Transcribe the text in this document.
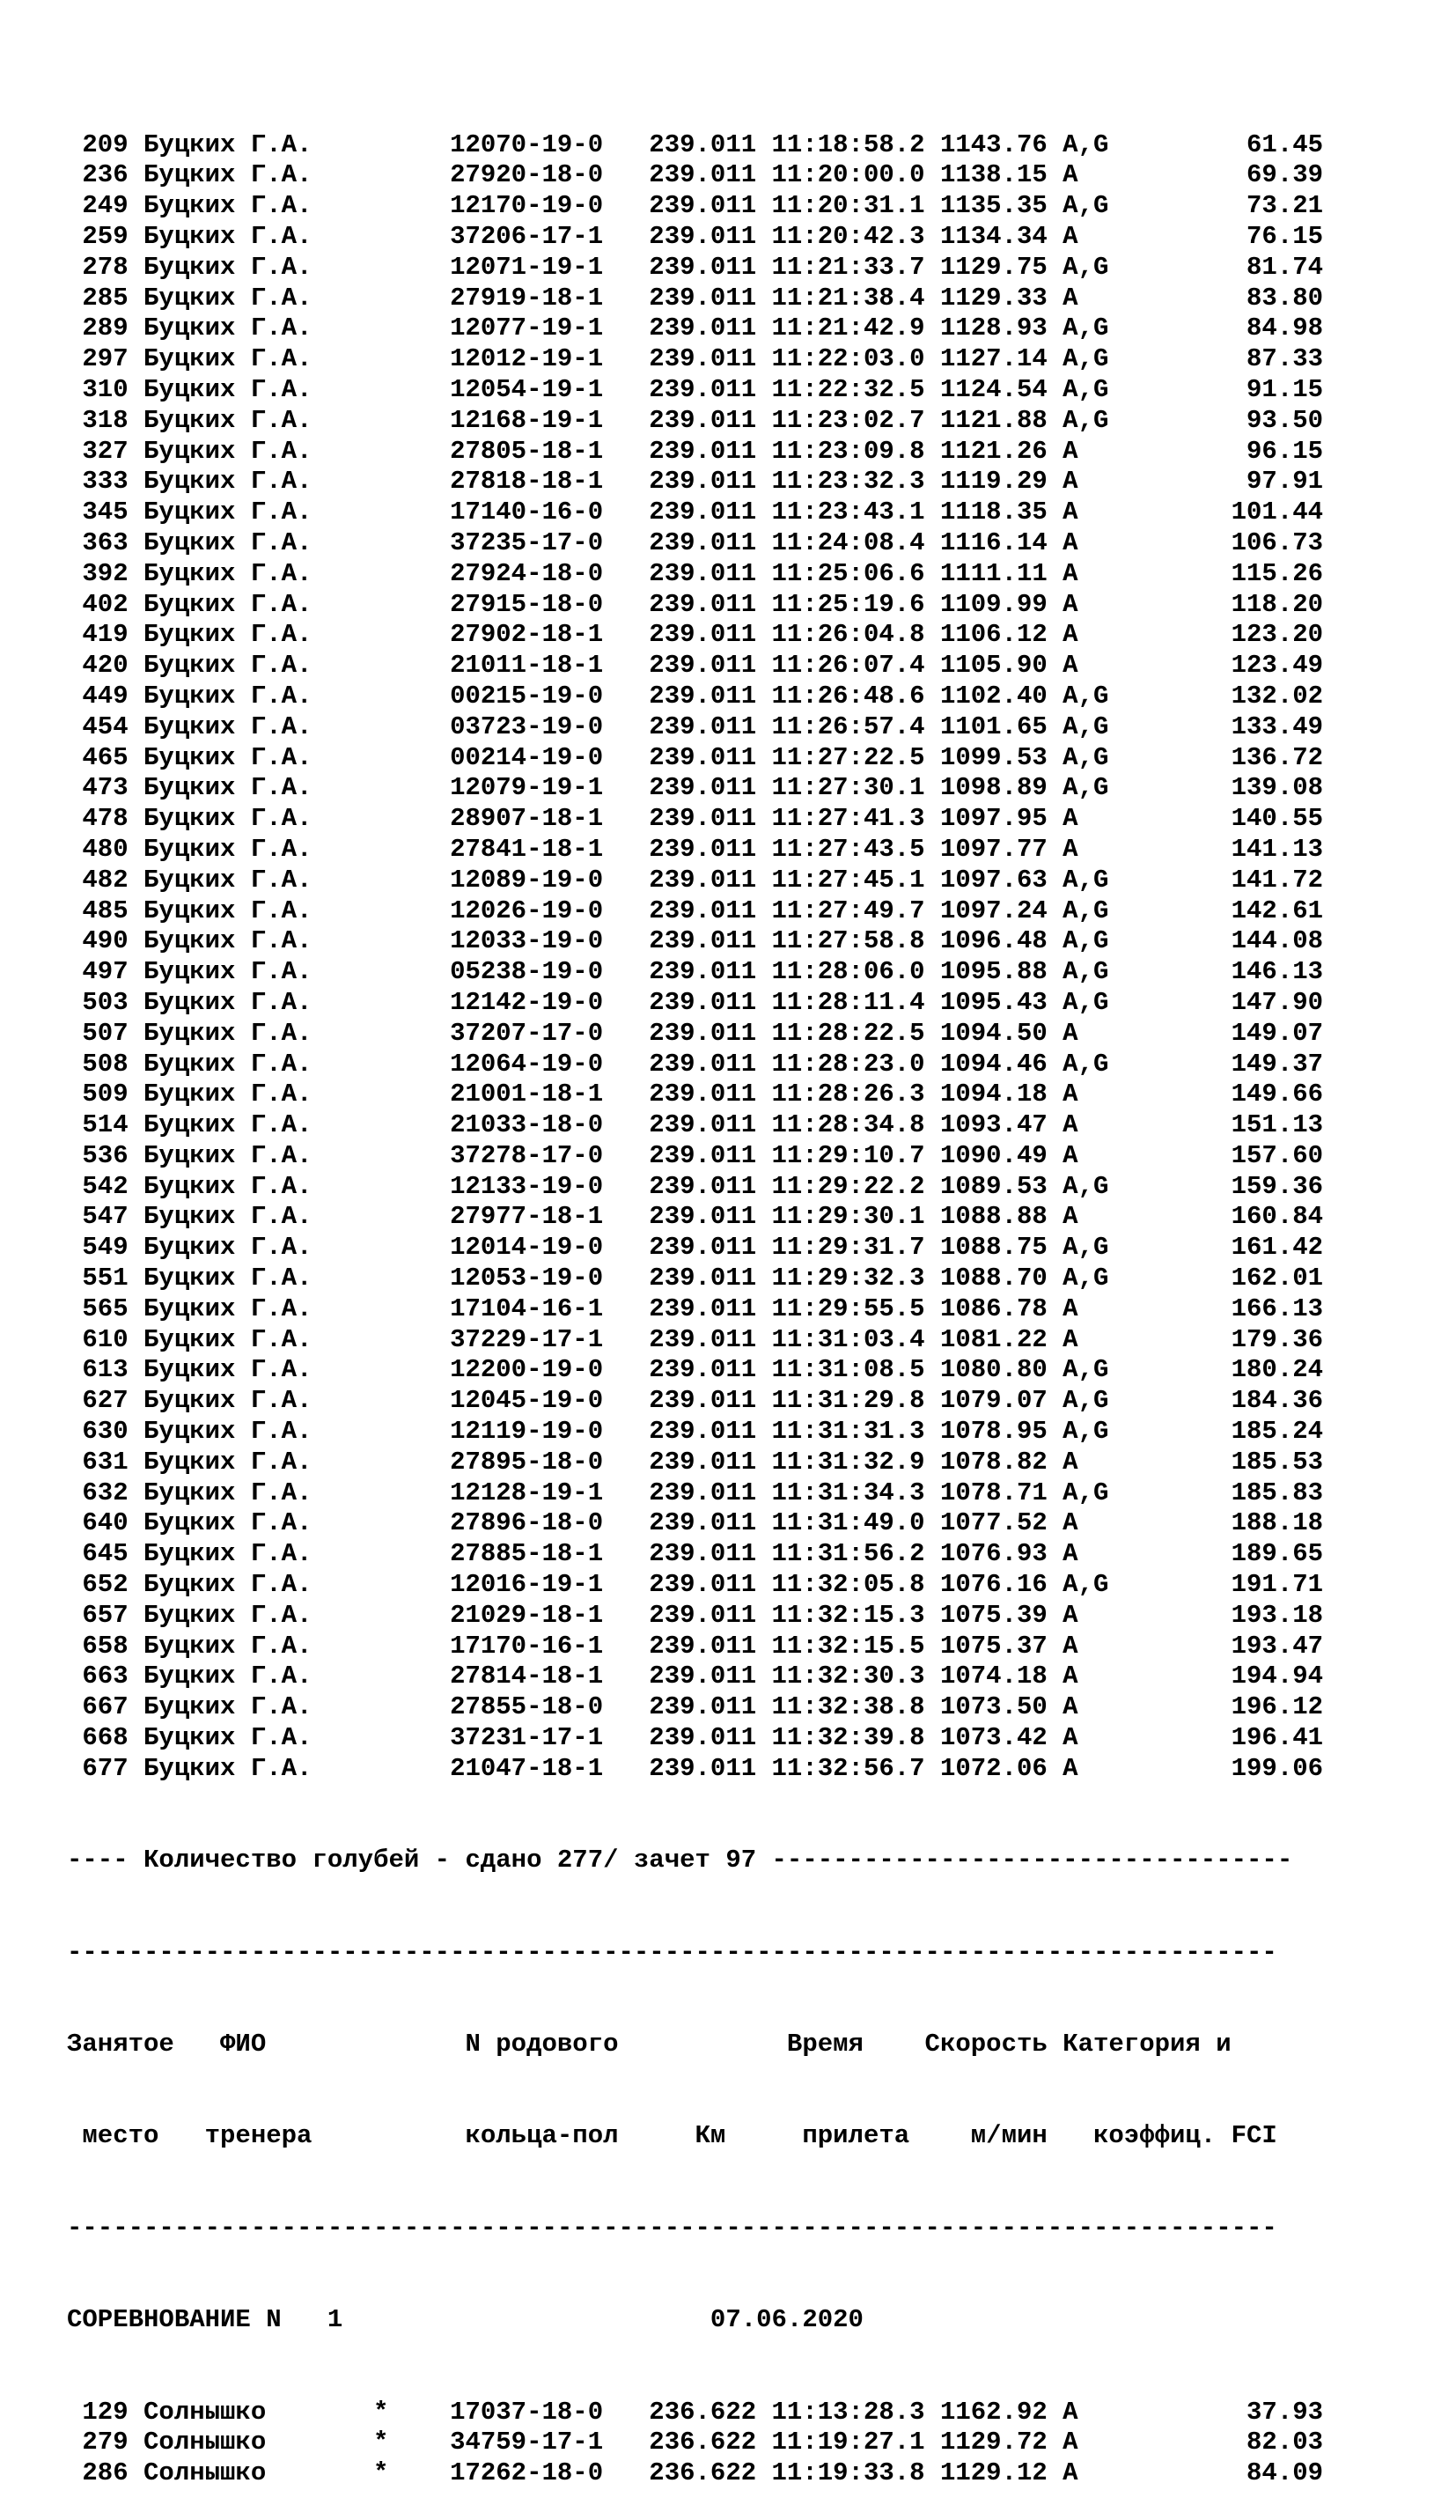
209 Буцких Г.А.         12070-19-0   239.011 11:18:58.2 1143.76 A,G         61.45
236 Буцких Г.А.         27920-18-0   239.011 11:20:00.0 1138.15 A           69.39
249 Буцких Г.А.         12170-19-0   239.011 11:20:31.1 1135.35 A,G         73.21
259 Буцких Г.А.         37206-17-1   239.011 11:20:42.3 1134.34 A           76.15
278 Буцких Г.А.         12071-19-1   239.011 11:21:33.7 1129.75 A,G         81.74
285 Буцких Г.А.         27919-18-1   239.011 11:21:38.4 1129.33 A           83.80
289 Буцких Г.А.         12077-19-1   239.011 11:21:42.9 1128.93 A,G         84.98
297 Буцких Г.А.         12012-19-1   239.011 11:22:03.0 1127.14 A,G         87.33
310 Буцких Г.А.         12054-19-1   239.011 11:22:32.5 1124.54 A,G         91.15
318 Буцких Г.А.         12168-19-1   239.011 11:23:02.7 1121.88 A,G         93.50
327 Буцких Г.А.         27805-18-1   239.011 11:23:09.8 1121.26 A           96.15
333 Буцких Г.А.         27818-18-1   239.011 11:23:32.3 1119.29 A           97.91
345 Буцких Г.А.         17140-16-0   239.011 11:23:43.1 1118.35 A          101.44
363 Буцких Г.А.         37235-17-0   239.011 11:24:08.4 1116.14 A          106.73
392 Буцких Г.А.         27924-18-0   239.011 11:25:06.6 1111.11 A          115.26
402 Буцких Г.А.         27915-18-0   239.011 11:25:19.6 1109.99 A          118.20
419 Буцких Г.А.         27902-18-1   239.011 11:26:04.8 1106.12 A          123.20
420 Буцких Г.А.         21011-18-1   239.011 11:26:07.4 1105.90 A          123.49
449 Буцких Г.А.         00215-19-0   239.011 11:26:48.6 1102.40 A,G        132.02
454 Буцких Г.А.         03723-19-0   239.011 11:26:57.4 1101.65 A,G        133.49
465 Буцких Г.А.         00214-19-0   239.011 11:27:22.5 1099.53 A,G        136.72
473 Буцких Г.А.         12079-19-1   239.011 11:27:30.1 1098.89 A,G        139.08
478 Буцких Г.А.         28907-18-1   239.011 11:27:41.3 1097.95 A          140.55
480 Буцких Г.А.         27841-18-1   239.011 11:27:43.5 1097.77 A          141.13
482 Буцких Г.А.         12089-19-0   239.011 11:27:45.1 1097.63 A,G        141.72
485 Буцких Г.А.         12026-19-0   239.011 11:27:49.7 1097.24 A,G        142.61
490 Буцких Г.А.         12033-19-0   239.011 11:27:58.8 1096.48 A,G        144.08
497 Буцких Г.А.         05238-19-0   239.011 11:28:06.0 1095.88 A,G        146.13
503 Буцких Г.А.         12142-19-0   239.011 11:28:11.4 1095.43 A,G        147.90
507 Буцких Г.А.         37207-17-0   239.011 11:28:22.5 1094.50 A          149.07
508 Буцких Г.А.         12064-19-0   239.011 11:28:23.0 1094.46 A,G        149.37
509 Буцких Г.А.         21001-18-1   239.011 11:28:26.3 1094.18 A          149.66
514 Буцких Г.А.         21033-18-0   239.011 11:28:34.8 1093.47 A          151.13
536 Буцких Г.А.         37278-17-0   239.011 11:29:10.7 1090.49 A          157.60
542 Буцких Г.А.         12133-19-0   239.011 11:29:22.2 1089.53 A,G        159.36
547 Буцких Г.А.         27977-18-1   239.011 11:29:30.1 1088.88 A          160.84
549 Буцких Г.А.         12014-19-0   239.011 11:29:31.7 1088.75 A,G        161.42
551 Буцких Г.А.         12053-19-0   239.011 11:29:32.3 1088.70 A,G        162.01
565 Буцких Г.А.         17104-16-1   239.011 11:29:55.5 1086.78 A          166.13
610 Буцких Г.А.         37229-17-1   239.011 11:31:03.4 1081.22 A          179.36
613 Буцких Г.А.         12200-19-0   239.011 11:31:08.5 1080.80 A,G        180.24
627 Буцких Г.А.         12045-19-0   239.011 11:31:29.8 1079.07 A,G        184.36
630 Буцких Г.А.         12119-19-0   239.011 11:31:31.3 1078.95 A,G        185.24
631 Буцких Г.А.         27895-18-0   239.011 11:31:32.9 1078.82 A          185.53
632 Буцких Г.А.         12128-19-1   239.011 11:31:34.3 1078.71 A,G        185.83
640 Буцких Г.А.         27896-18-0   239.011 11:31:49.0 1077.52 A          188.18
645 Буцких Г.А.         27885-18-1   239.011 11:31:56.2 1076.93 A          189.65
652 Буцких Г.А.         12016-19-1   239.011 11:32:05.8 1076.16 A,G        191.71
657 Буцких Г.А.         21029-18-1   239.011 11:32:15.3 1075.39 A          193.18
658 Буцких Г.А.         17170-16-1   239.011 11:32:15.5 1075.37 A          193.47
663 Буцких Г.А.         27814-18-1   239.011 11:32:30.3 1074.18 A          194.94
667 Буцких Г.А.         27855-18-0   239.011 11:32:38.8 1073.50 A          196.12
668 Буцких Г.А.         37231-17-1   239.011 11:32:39.8 1073.42 A          196.41
677 Буцких Г.А.         21047-18-1   239.011 11:32:56.7 1072.06 A          199.06

---- Количество голубей - сдано 277/ зачет 97 ----------------------------------

-------------------------------------------------------------------------------

Занятое   ФИО             N родового           Время    Скорость Категория и

место   тренера          кольца-пол     Км     прилета    м/мин   коэффиц. FCI

-------------------------------------------------------------------------------

СОРЕВНОВАНИЕ N   1                        07.06.2020

129 Солнышко       *    17037-18-0   236.622 11:13:28.3 1162.92 A           37.93
279 Солнышко       *    34759-17-1   236.622 11:19:27.1 1129.72 A           82.03
286 Солнышко       *    17262-18-0   236.622 11:19:33.8 1129.12 A           84.09
